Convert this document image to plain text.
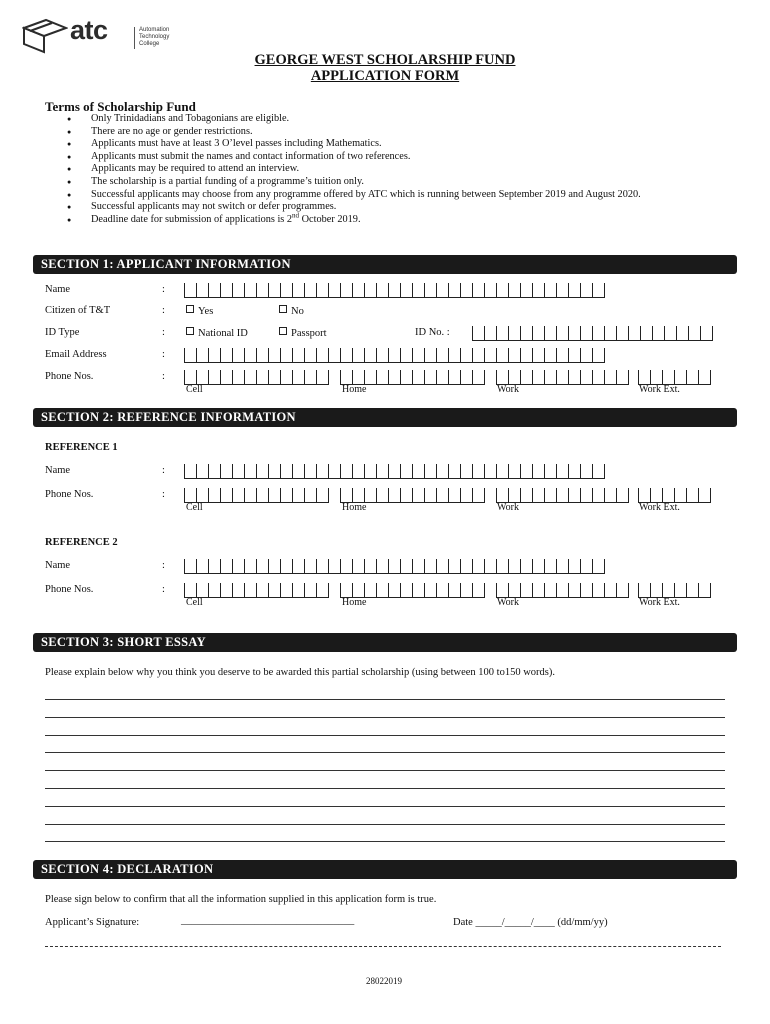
atc	Automation
Technology
College
GEORGE WEST SCHOLARSHIP FUND
APPLICATION FORM
Terms of Scholarship Fund
● Only Trinidadians and Tobagonians are eligible.
● There are no age or gender restrictions.
● Applicants must have at least 3 O’level passes including Mathematics.
● Applicants must submit the names and contact information of two references.
● Applicants may be required to attend an interview.
● The scholarship is a partial funding of a programme’s tuition only.
● Successful applicants may choose from any programme offered by ATC which is running between September 2019 and August 2020.
● Successful applicants may not switch or defer programmes.
● Deadline date for submission of applications is 2nd October 2019.
SECTION 1: APPLICANT INFORMATION
Name	:
Citizen of T&T	:	Yes	No
ID Type	:	National ID	Passport	ID No. :
Email Address	:
Phone Nos.	:
Cell	Home	Work	Work Ext.
SECTION 2: REFERENCE INFORMATION
REFERENCE 1
Name	:
Phone Nos.	:
Cell	Home	Work	Work Ext.
REFERENCE 2
Name	:
Phone Nos.	:
Cell	Home	Work	Work Ext.
SECTION 3: SHORT ESSAY
Please explain below why you think you deserve to be awarded this partial scholarship (using between 100 to150 words).
SECTION 4: DECLARATION
Please sign below to confirm that all the information supplied in this application form is true.
Applicant’s Signature:	_________________________________	Date _____/_____/____ (dd/mm/yy)
28022019
